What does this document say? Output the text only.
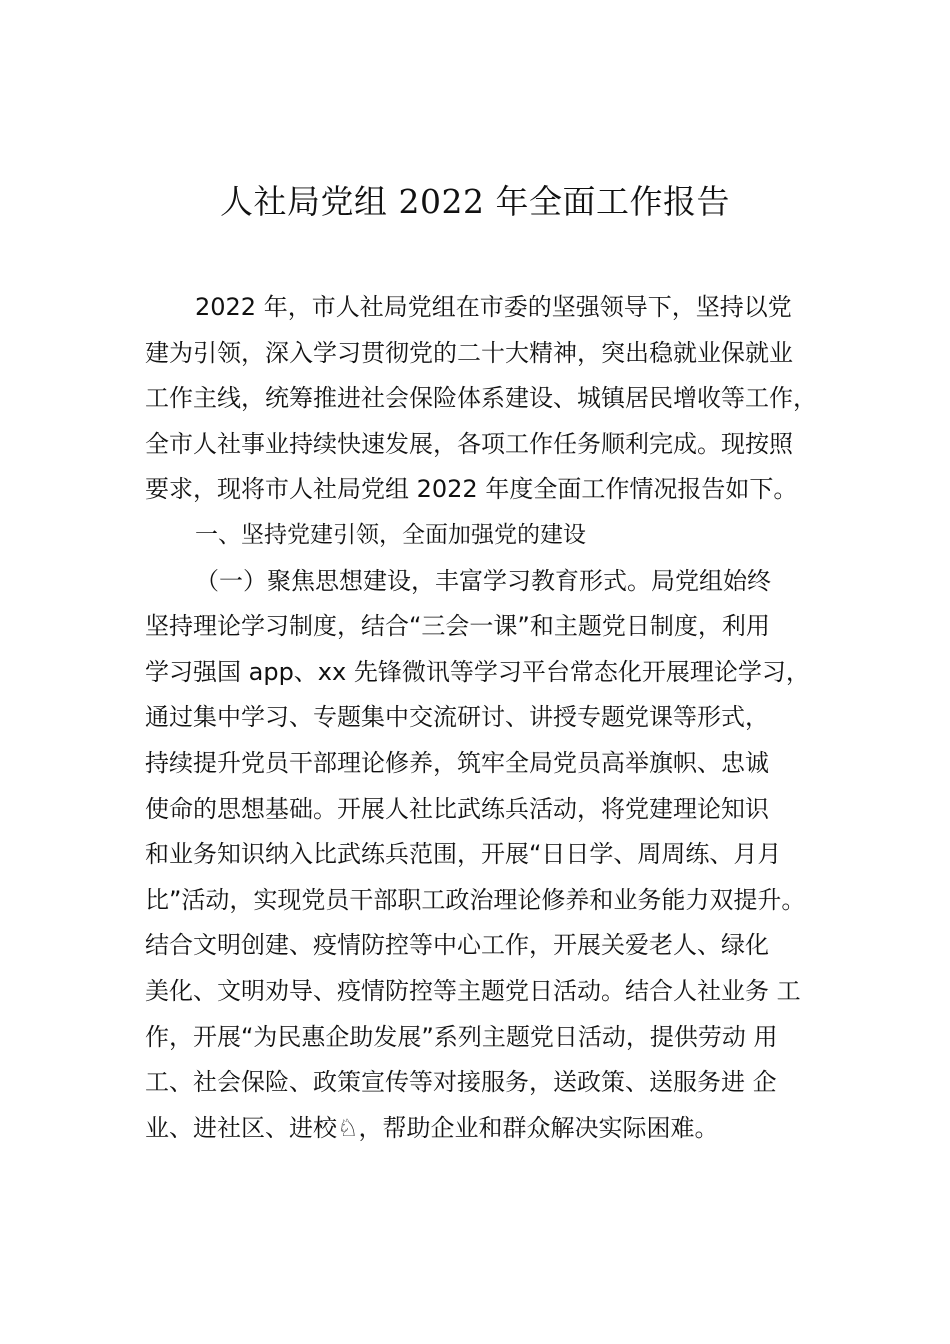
人社局党组 2022 年全面工作报告
2022 年，市人社局党组在市委的坚强领导下，坚持以党
建为引领，深入学习贯彻党的二十大精神，突出稳就业保就业
工作主线，统筹推进社会保险体系建设、城镇居民增收等工作，
全市人社事业持续快速发展，各项工作任务顺利完成。现按照
要求，现将市人社局党组 2022 年度全面工作情况报告如下。
一、坚持党建引领，全面加强党的建设
（一）聚焦思想建设，丰富学习教育形式。局党组始终
坚持理论学习制度，结合“三会一课”和主题党日制度，利用
学习强国 app、xx 先锋微讯等学习平台常态化开展理论学习，
通过集中学习、专题集中交流研讨、讲授专题党课等形式，
持续提升党员干部理论修养，筑牢全局党员高举旗帜、忠诚
使命的思想基础。开展人社比武练兵活动，将党建理论知识
和业务知识纳入比武练兵范围，开展“日日学、周周练、月月
比”活动，实现党员干部职工政治理论修养和业务能力双提升。
结合文明创建、疫情防控等中心工作，开展关爱老人、绿化
美化、文明劝导、疫情防控等主题党日活动。结合人社业务 工
作，开展“为民惠企助发展”系列主题党日活动，提供劳动 用
工、社会保险、政策宣传等对接服务，送政策、送服务进 企
业、进社区、进校♘，帮助企业和群众解决实际困难。
